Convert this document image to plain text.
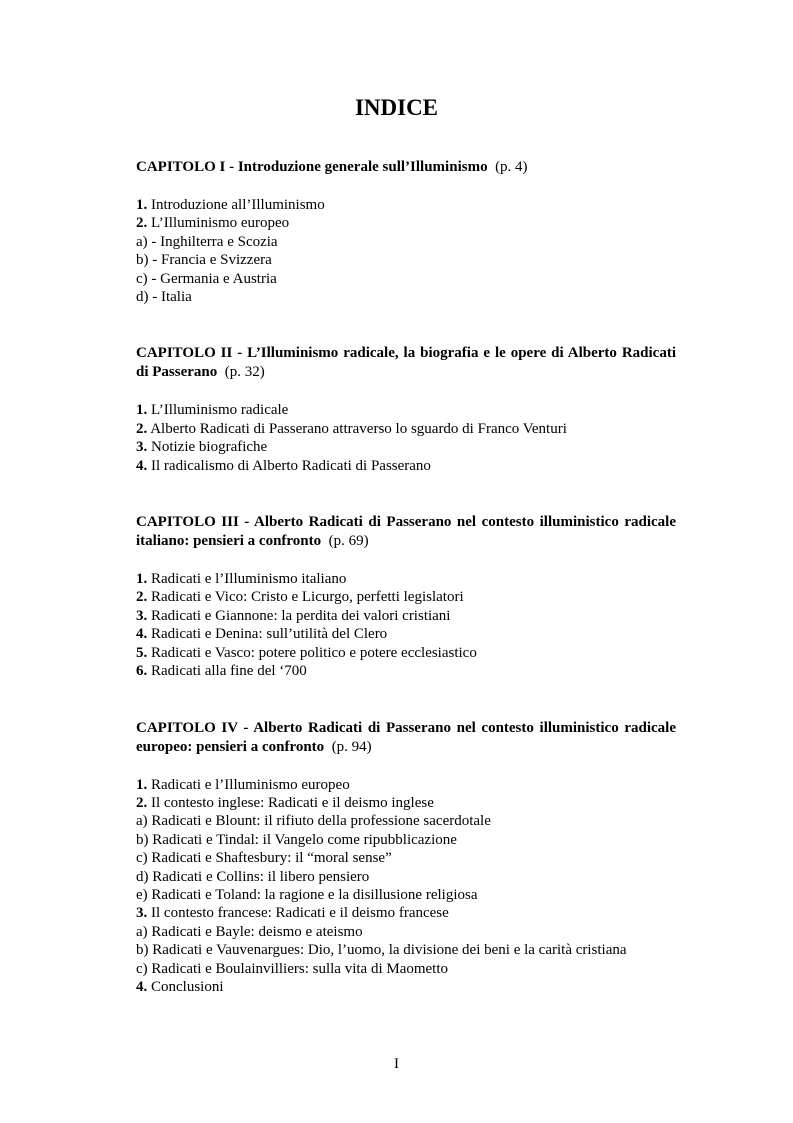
INDICE
CAPITOLO I - Introduzione generale sull’Illuminismo (p. 4)
1. Introduzione all’Illuminismo
2. L’Illuminismo europeo
a) - Inghilterra e Scozia
b) - Francia e Svizzera
c) - Germania e Austria
d) - Italia
CAPITOLO II - L’Illuminismo radicale, la biografia e le opere di Alberto Radicati di Passerano (p. 32)
1. L’Illuminismo radicale
2. Alberto Radicati di Passerano attraverso lo sguardo di Franco Venturi
3. Notizie biografiche
4. Il radicalismo di Alberto Radicati di Passerano
CAPITOLO III - Alberto Radicati di Passerano nel contesto illuministico radicale italiano: pensieri a confronto (p. 69)
1. Radicati e l’Illuminismo italiano
2. Radicati e Vico: Cristo e Licurgo, perfetti legislatori
3. Radicati e Giannone: la perdita dei valori cristiani
4. Radicati e Denina: sull’utilità del Clero
5. Radicati e Vasco: potere politico e potere ecclesiastico
6. Radicati alla fine del ‘700
CAPITOLO IV - Alberto Radicati di Passerano nel contesto illuministico radicale europeo: pensieri a confronto (p. 94)
1. Radicati e l’Illuminismo europeo
2. Il contesto inglese: Radicati e il deismo inglese
a) Radicati e Blount: il rifiuto della professione sacerdotale
b) Radicati e Tindal: il Vangelo come ripubblicazione
c) Radicati e Shaftesbury: il “moral sense”
d) Radicati e Collins: il libero pensiero
e) Radicati e Toland: la ragione e la disillusione religiosa
3. Il contesto francese: Radicati e il deismo francese
a) Radicati e Bayle: deismo e ateismo
b) Radicati e Vauvenargues: Dio, l’uomo, la divisione dei beni e la carità cristiana
c) Radicati e Boulainvilliers: sulla vita di Maometto
4. Conclusioni
I
